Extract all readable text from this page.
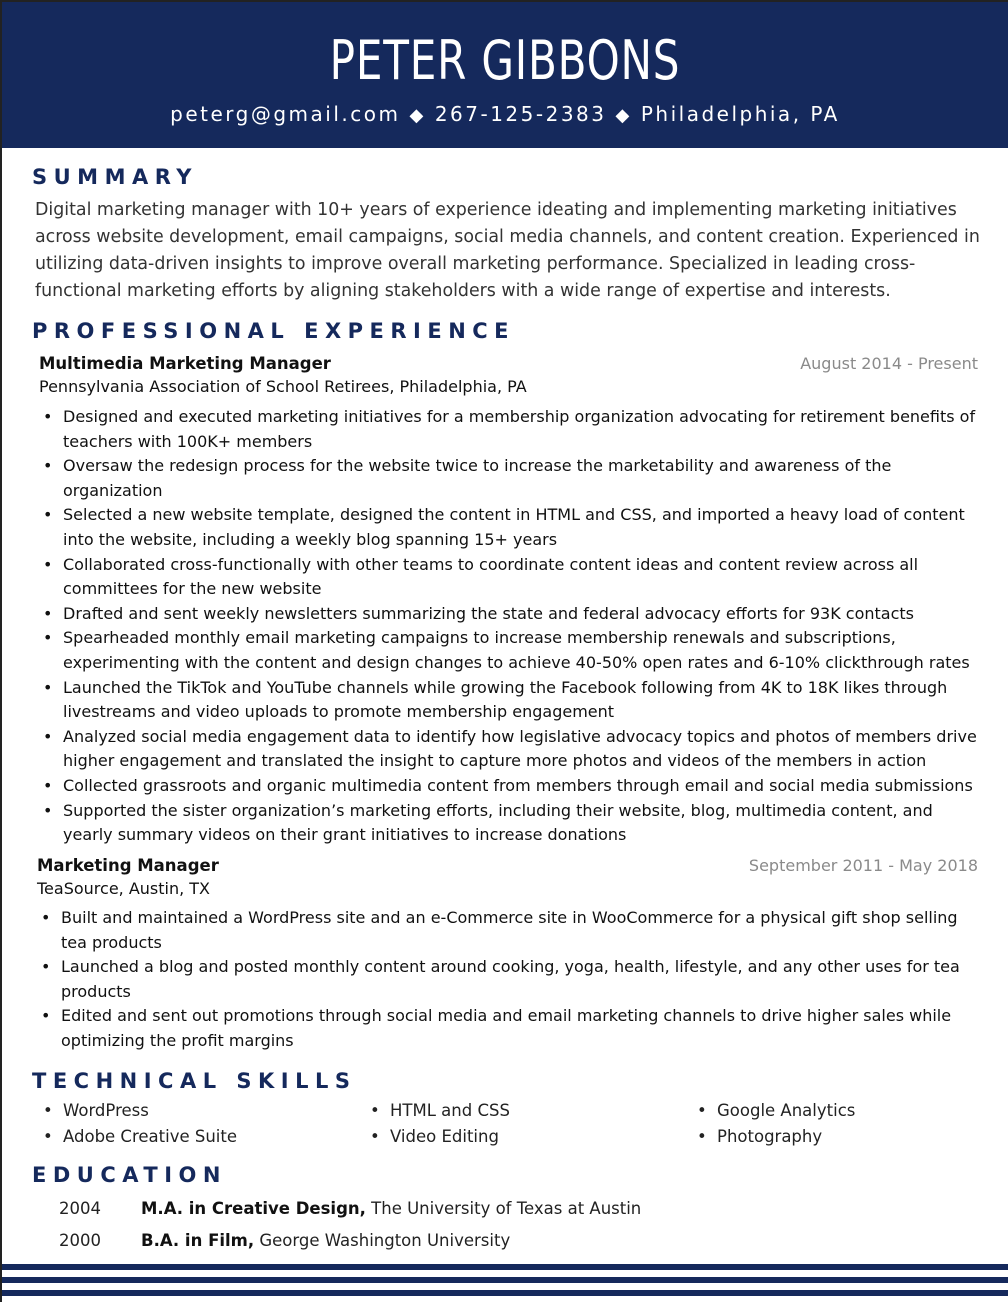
PETER GIBBONS
peterg@gmail.com ◆ 267-125-2383 ◆ Philadelphia, PA
SUMMARY
Digital marketing manager with 10+ years of experience ideating and implementing marketing initiatives across website development, email campaigns, social media channels, and content creation. Experienced in utilizing data-driven insights to improve overall marketing performance. Specialized in leading cross-functional marketing efforts by aligning stakeholders with a wide range of expertise and interests.
PROFESSIONAL EXPERIENCE
Multimedia Marketing Manager	August 2014 - Present
Pennsylvania Association of School Retirees, Philadelphia, PA
• Designed and executed marketing initiatives for a membership organization advocating for retirement benefits of teachers with 100K+ members
• Oversaw the redesign process for the website twice to increase the marketability and awareness of the organization
• Selected a new website template, designed the content in HTML and CSS, and imported a heavy load of content into the website, including a weekly blog spanning 15+ years
• Collaborated cross-functionally with other teams to coordinate content ideas and content review across all committees for the new website
• Drafted and sent weekly newsletters summarizing the state and federal advocacy efforts for 93K contacts
• Spearheaded monthly email marketing campaigns to increase membership renewals and subscriptions, experimenting with the content and design changes to achieve 40-50% open rates and 6-10% clickthrough rates
• Launched the TikTok and YouTube channels while growing the Facebook following from 4K to 18K likes through livestreams and video uploads to promote membership engagement
• Analyzed social media engagement data to identify how legislative advocacy topics and photos of members drive higher engagement and translated the insight to capture more photos and videos of the members in action
• Collected grassroots and organic multimedia content from members through email and social media submissions
• Supported the sister organization’s marketing efforts, including their website, blog, multimedia content, and yearly summary videos on their grant initiatives to increase donations
Marketing Manager	September 2011 - May 2018
TeaSource, Austin, TX
• Built and maintained a WordPress site and an e-Commerce site in WooCommerce for a physical gift shop selling tea products
• Launched a blog and posted monthly content around cooking, yoga, health, lifestyle, and any other uses for tea products
• Edited and sent out promotions through social media and email marketing channels to drive higher sales while optimizing the profit margins
TECHNICAL SKILLS
• WordPress	• HTML and CSS	• Google Analytics
• Adobe Creative Suite	• Video Editing	• Photography
EDUCATION
2004 M.A. in Creative Design, The University of Texas at Austin
2000 B.A. in Film, George Washington University
